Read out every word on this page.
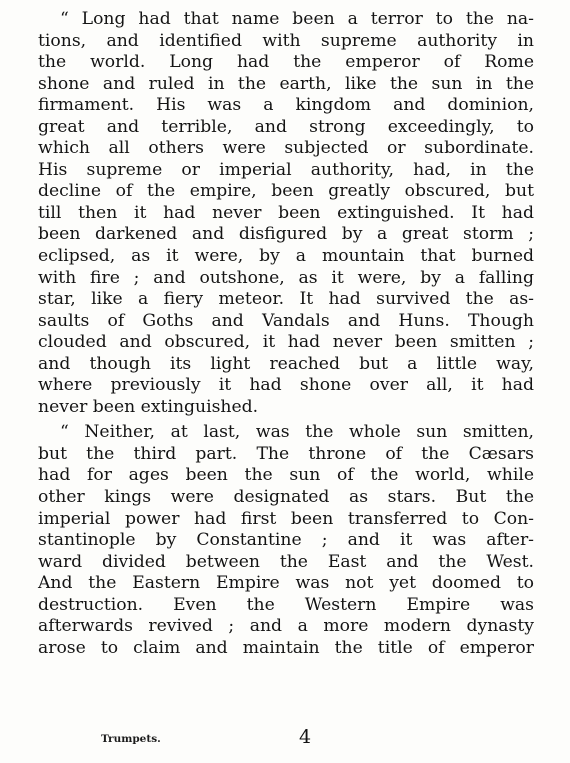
“ Long had that name been a terror to the na-
tions, and identified with supreme authority in
the world. Long had the emperor of Rome
shone and ruled in the earth, like the sun in the
firmament. His was a kingdom and dominion,
great and terrible, and strong exceedingly, to
which all others were subjected or subordinate.
His supreme or imperial authority, had, in the
decline of the empire, been greatly obscured, but
till then it had never been extinguished. It had
been darkened and disfigured by a great storm ;
eclipsed, as it were, by a mountain that burned
with fire ; and outshone, as it were, by a falling
star, like a fiery meteor. It had survived the as-
saults of Goths and Vandals and Huns. Though
clouded and obscured, it had never been smitten ;
and though its light reached but a little way,
where previously it had shone over all, it had
never been extinguished.
“ Neither, at last, was the whole sun smitten,
but the third part. The throne of the Cæsars
had for ages been the sun of the world, while
other kings were designated as stars. But the
imperial power had first been transferred to Con-
stantinople by Constantine ; and it was after-
ward divided between the East and the West.
And the Eastern Empire was not yet doomed to
destruction. Even the Western Empire was
afterwards revived ; and a more modern dynasty
arose to claim and maintain the title of emperor
Trumpets.	4
